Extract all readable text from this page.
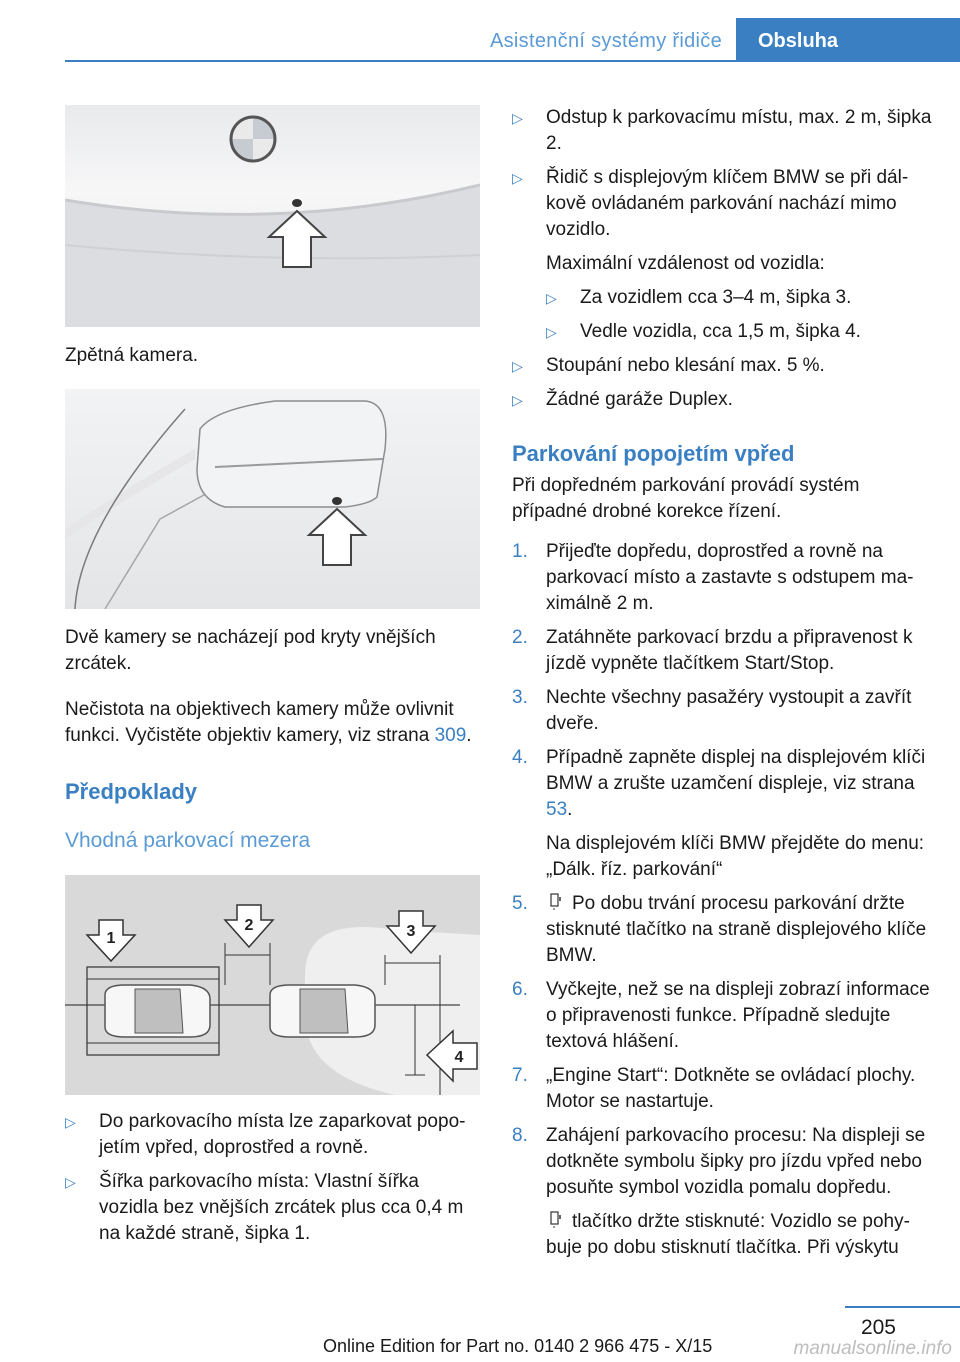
Asistenční systémy řidiče	Obsluha

Zpětná kamera.

Dvě kamery se nacházejí pod kryty vnějších zrcátek.

Nečistota na objektivech kamery může ovlivnit funkci. Vyčistěte objektiv kamery, viz strana 309.

Předpoklady
Vhodná parkovací mezera
1
2	3
4
▷ Do parkovacího místa lze zaparkovat popojetím vpřed, doprostřed a rovně.
▷ Šířka parkovacího místa: Vlastní šířka vozidla bez vnějších zrcátek plus cca 0,4 m na každé straně, šipka 1.
▷ Odstup k parkovacímu místu, max. 2 m, šipka 2.
▷ Řidič s displejovým klíčem BMW se při dálkově ovládaném parkování nachází mimo vozidlo.
Maximální vzdálenost od vozidla:
▷ Za vozidlem cca 3–4 m, šipka 3.
▷ Vedle vozidla, cca 1,5 m, šipka 4.
▷ Stoupání nebo klesání max. 5 %.
▷ Žádné garáže Duplex.
Parkování popojetím vpřed

Při dopředném parkování provádí systém případné drobné korekce řízení.

1. Přijeďte dopředu, doprostřed a rovně na parkovací místo a zastavte s odstupem maximálně 2 m.
2. Zatáhněte parkovací brzdu a připravenost k jízdě vypněte tlačítkem Start/Stop.
3. Nechte všechny pasažéry vystoupit a zavřít dveře.
4. Případně zapněte displej na displejovém klíči BMW a zrušte uzamčení displeje, viz strana 53.
Na displejovém klíči BMW přejděte do menu: „Dálk. říz. parkování“
5. Po dobu trvání procesu parkování držte stisknuté tlačítko na straně displejového klíče BMW.
6. Vyčkejte, než se na displeji zobrazí informace o připravenosti funkce. Případně sledujte textová hlášení.
7. „Engine Start“: Dotkněte se ovládací plochy. Motor se nastartuje.
8. Zahájení parkovacího procesu: Na displeji se dotkněte symbolu šipky pro jízdu vpřed nebo posuňte symbol vozidla pomalu dopředu.
tlačítko držte stisknuté: Vozidlo se pohybuje po dobu stisknutí tlačítka. Při výskytu
205
Online Edition for Part no. 0140 2 966 475 - X/15	manualsonline.info
